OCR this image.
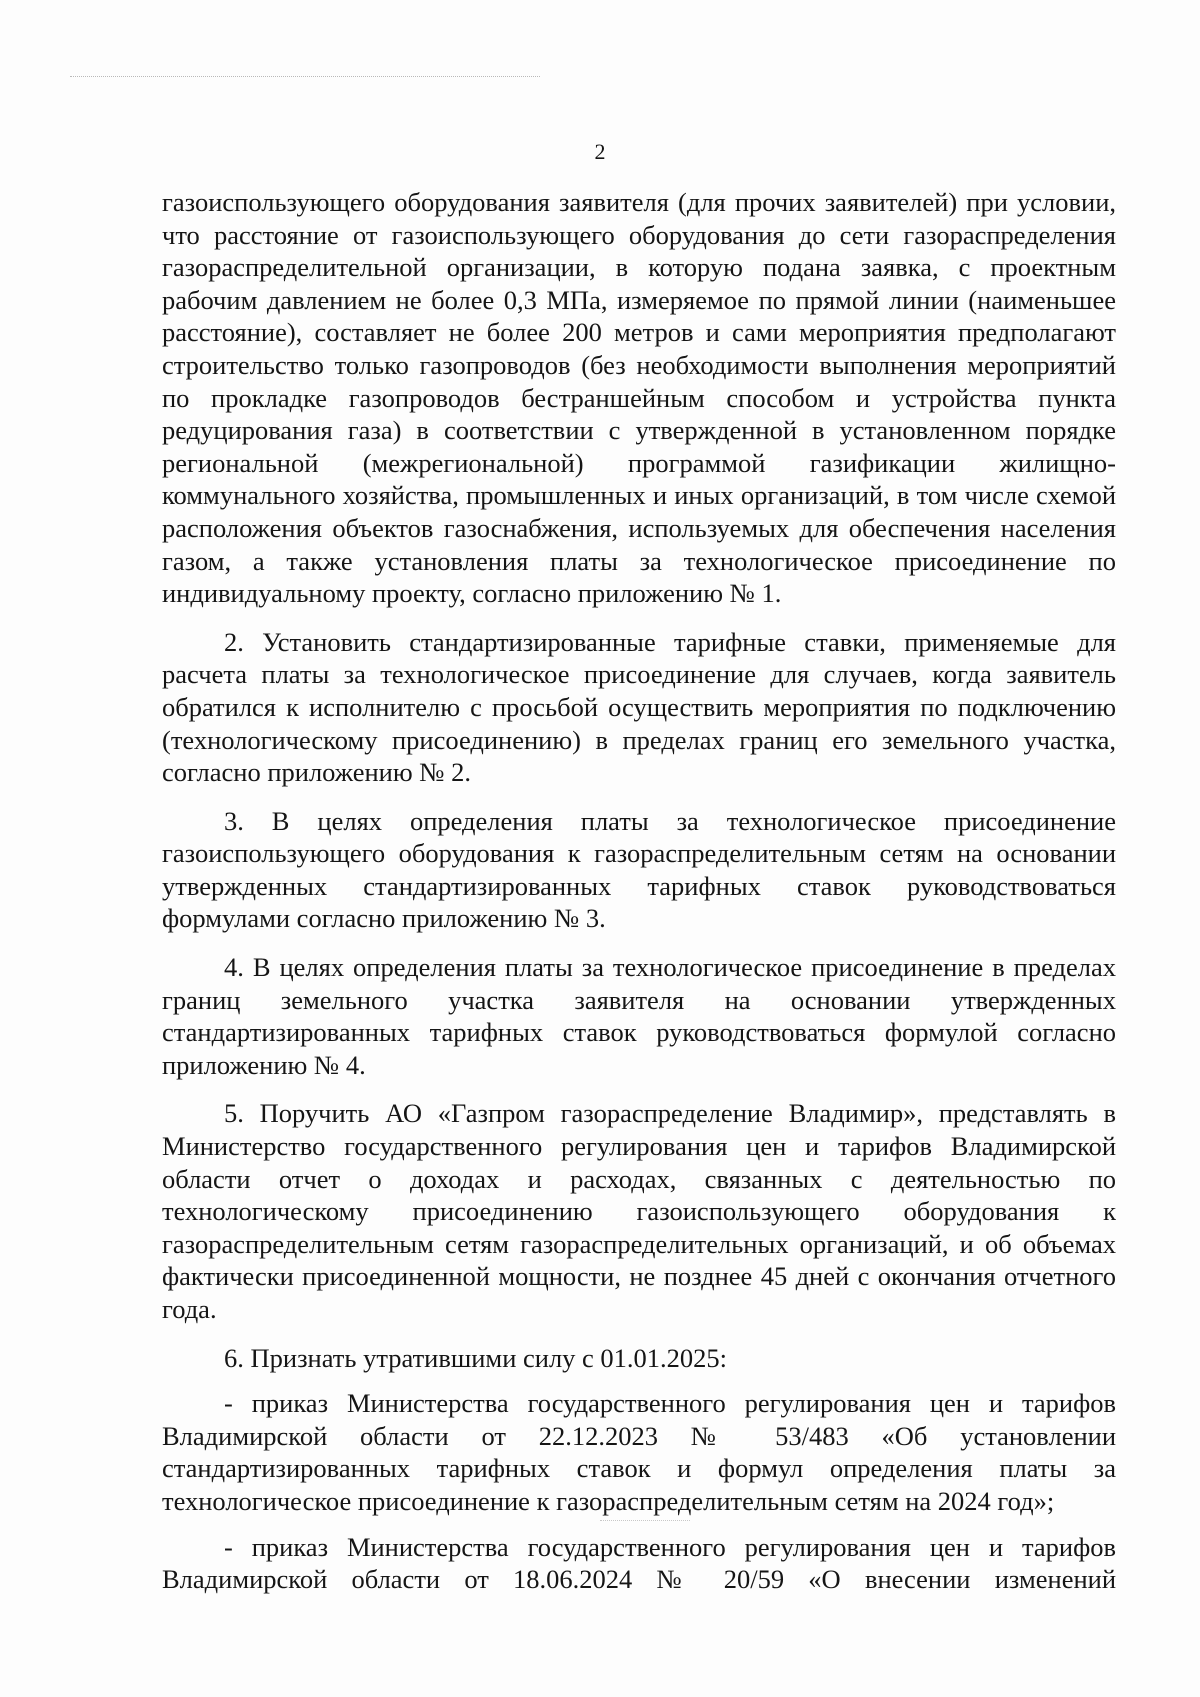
2

газоиспользующего оборудования заявителя (для прочих заявителей) при условии, что расстояние от газоиспользующего оборудования до сети газораспределения газораспределительной организации, в которую подана заявка, с проектным рабочим давлением не более 0,3 МПа, измеряемое по прямой линии (наименьшее расстояние), составляет не более 200 метров и сами мероприятия предполагают строительство только газопроводов (без необходимости выполнения мероприятий по прокладке газопроводов бестраншейным способом и устройства пункта редуцирования газа) в соответствии с утвержденной в установленном порядке региональной (межрегиональной) программой газификации жилищно-коммунального хозяйства, промышленных и иных организаций, в том числе схемой расположения объектов газоснабжения, используемых для обеспечения населения газом, а также установления платы за технологическое присоединение по индивидуальному проекту, согласно приложению № 1.

2. Установить стандартизированные тарифные ставки, применяемые для расчета платы за технологическое присоединение для случаев, когда заявитель обратился к исполнителю с просьбой осуществить мероприятия по подключению (технологическому присоединению) в пределах границ его земельного участка, согласно приложению № 2.

3. В целях определения платы за технологическое присоединение газоиспользующего оборудования к газораспределительным сетям на основании утвержденных стандартизированных тарифных ставок руководствоваться формулами согласно приложению № 3.

4. В целях определения платы за технологическое присоединение в пределах границ земельного участка заявителя на основании утвержденных стандартизированных тарифных ставок руководствоваться формулой согласно приложению № 4.

5. Поручить АО «Газпром газораспределение Владимир», представлять в Министерство государственного регулирования цен и тарифов Владимирской области отчет о доходах и расходах, связанных с деятельностью по технологическому присоединению газоиспользующего оборудования к газораспределительным сетям газораспределительных организаций, и об объемах фактически присоединенной мощности, не позднее 45 дней с окончания отчетного года.

6. Признать утратившими силу с 01.01.2025:

- приказ Министерства государственного регулирования цен и тарифов Владимирской области от 22.12.2023 № 53/483 «Об установлении стандартизированных тарифных ставок и формул определения платы за технологическое присоединение к газораспределительным сетям на 2024 год»;

- приказ Министерства государственного регулирования цен и тарифов Владимирской области от 18.06.2024 № 20/59 «О внесении изменений
